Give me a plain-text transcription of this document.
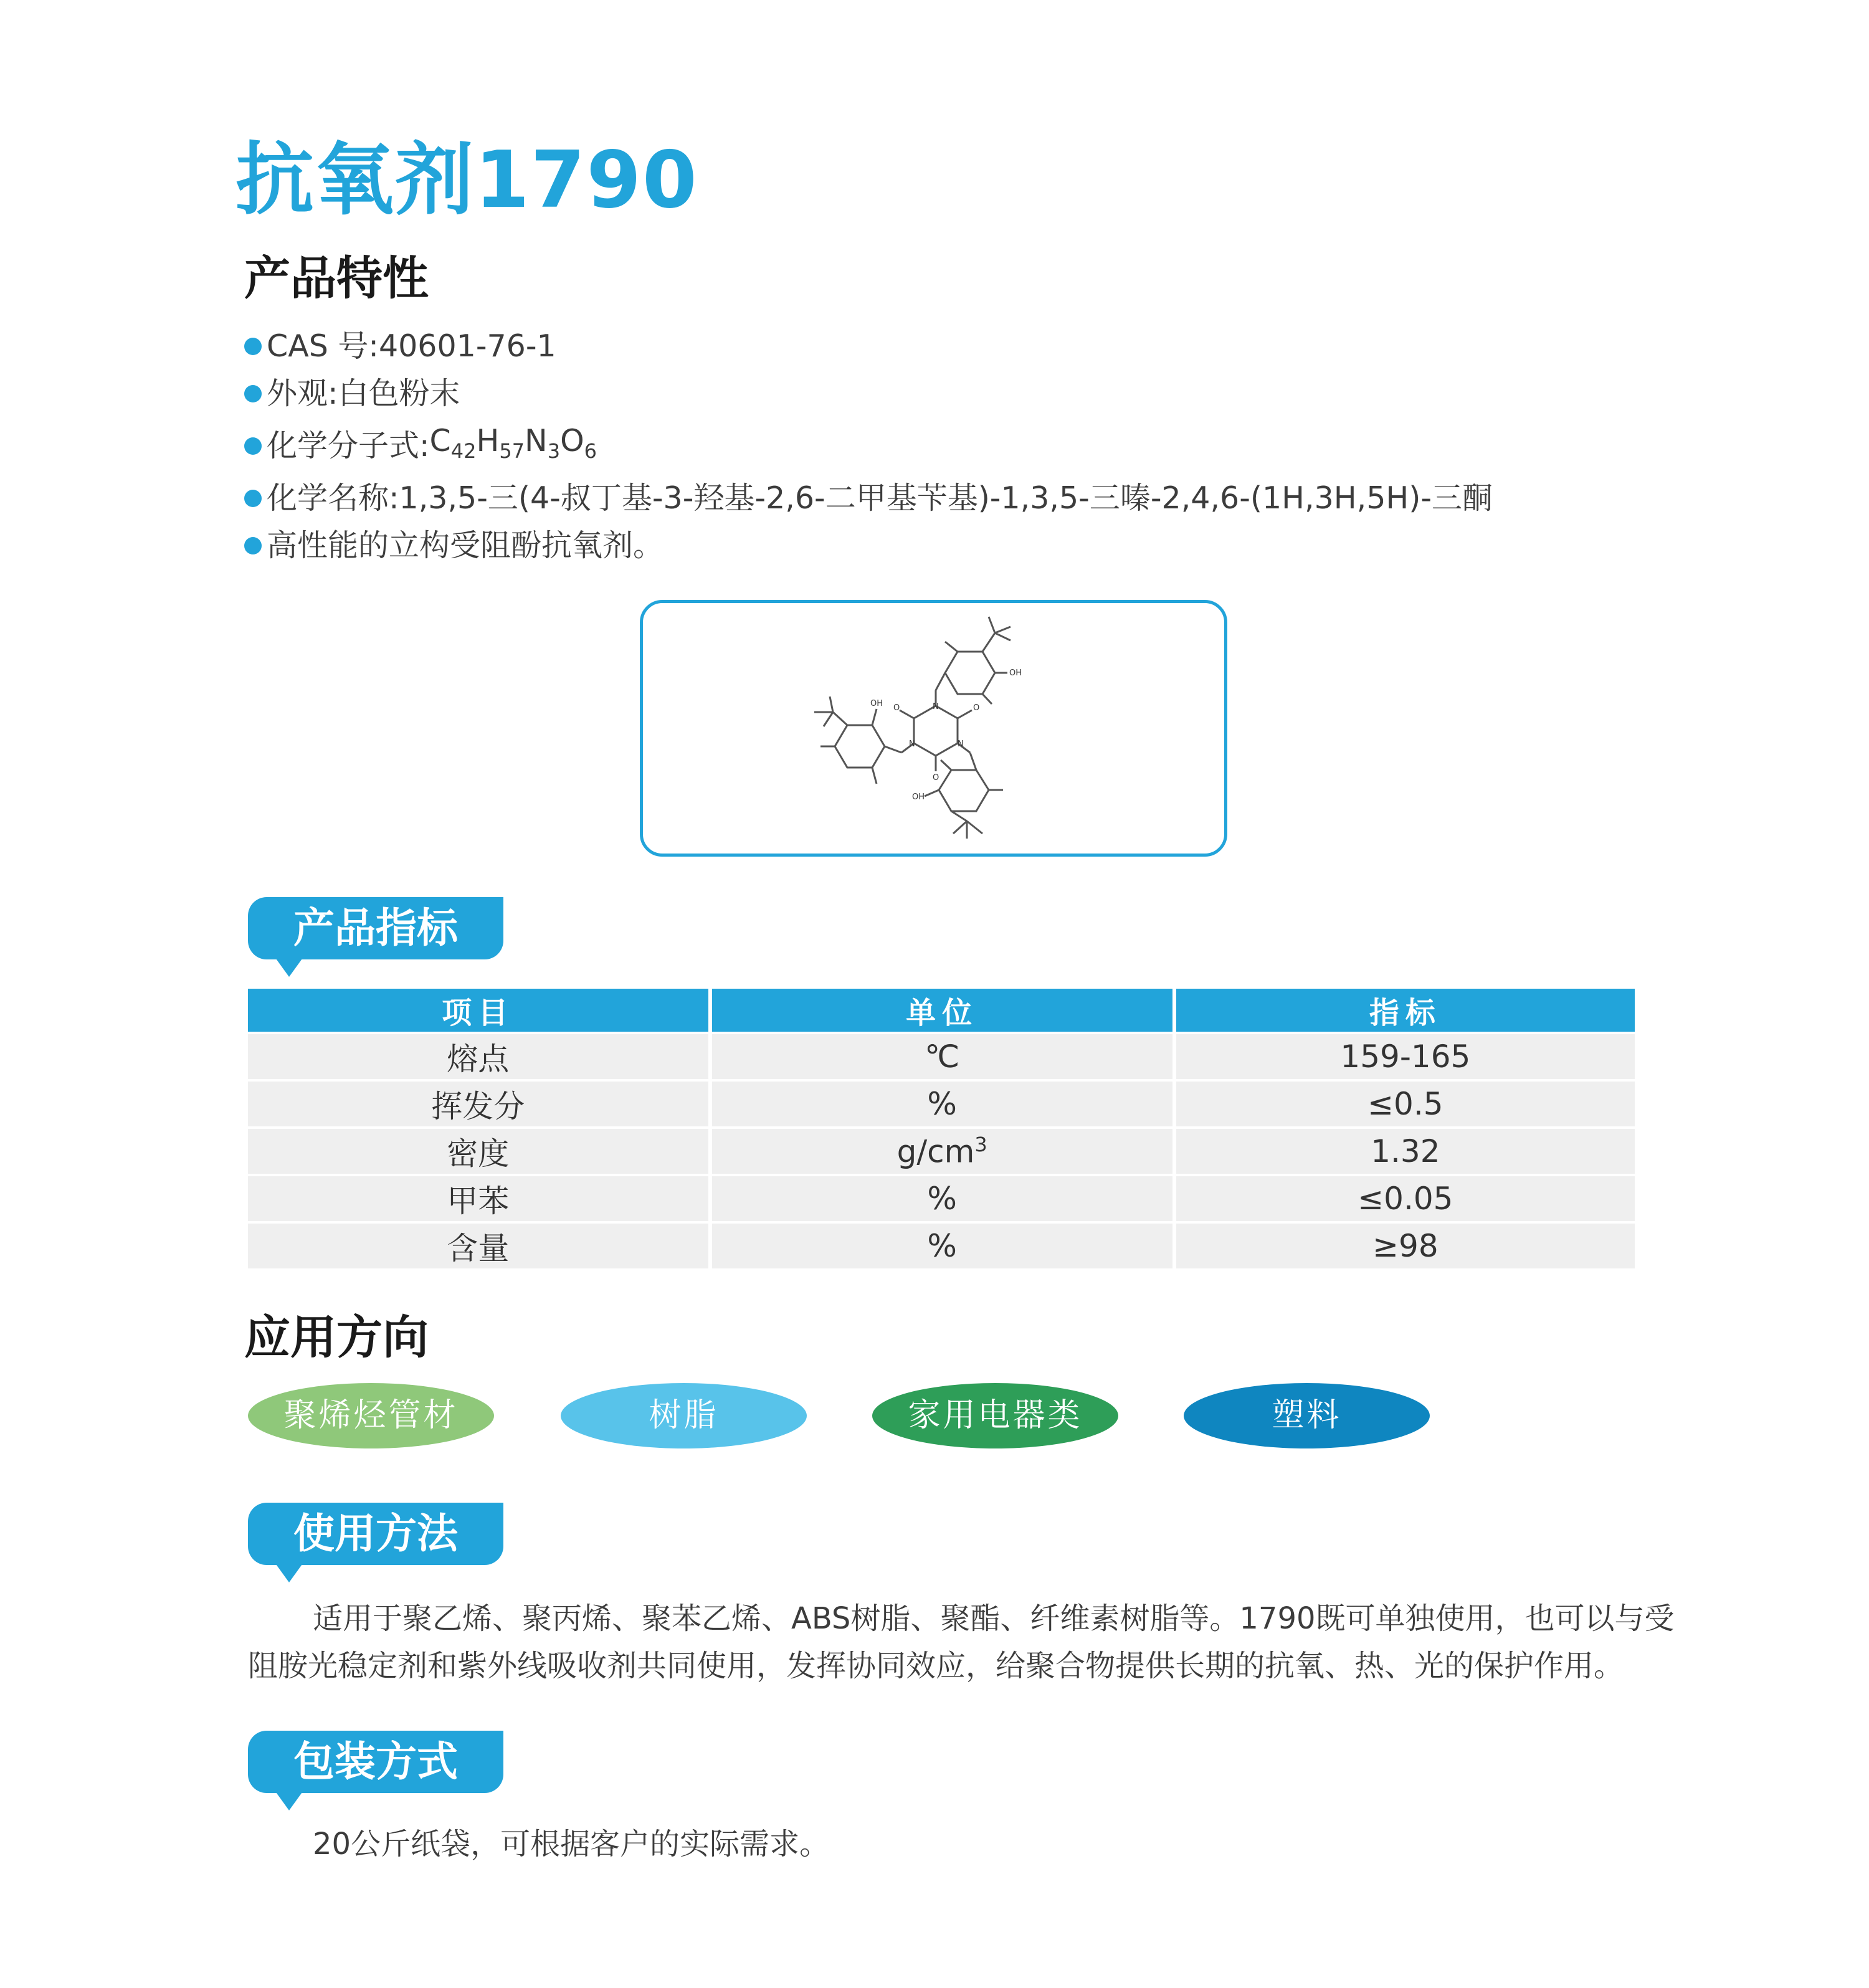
抗氧剂1790
产品特性
CAS 号 : 40601-76-1
外观 : 白色粉末
化学分子式 : $C_{42}H_{57}N_3O_6$
化学名称 : 1,3,5-三(4-叔丁基-3-羟基-2,6-二甲基苄基)-1,3,5-三嗪-2,4,6-(1H,3H,5H)-三酮
高性能的立构受阻酚抗氧剂。
OH
OH
OH
O	O
O
N
N	N
产品指标
项目	单位	指标
熔点	℃	159-165
挥发分	%	≤0.5
密度	$g/cm^3$	1.32
甲苯	%	≤0.05
含量	%	≥98
应用方向
聚烯烃管材	树脂	家用电器类	塑料
使用方法
适用于聚乙烯、聚丙烯、聚苯乙烯、ABS树脂、聚酯、纤维素树脂等。1790既可单独使用，也可以与受
阻胺光稳定剂和紫外线吸收剂共同使用，发挥协同效应，给聚合物提供长期的抗氧、热、光的保护作用。
包装方式
20公斤纸袋，可根据客户的实际需求。
